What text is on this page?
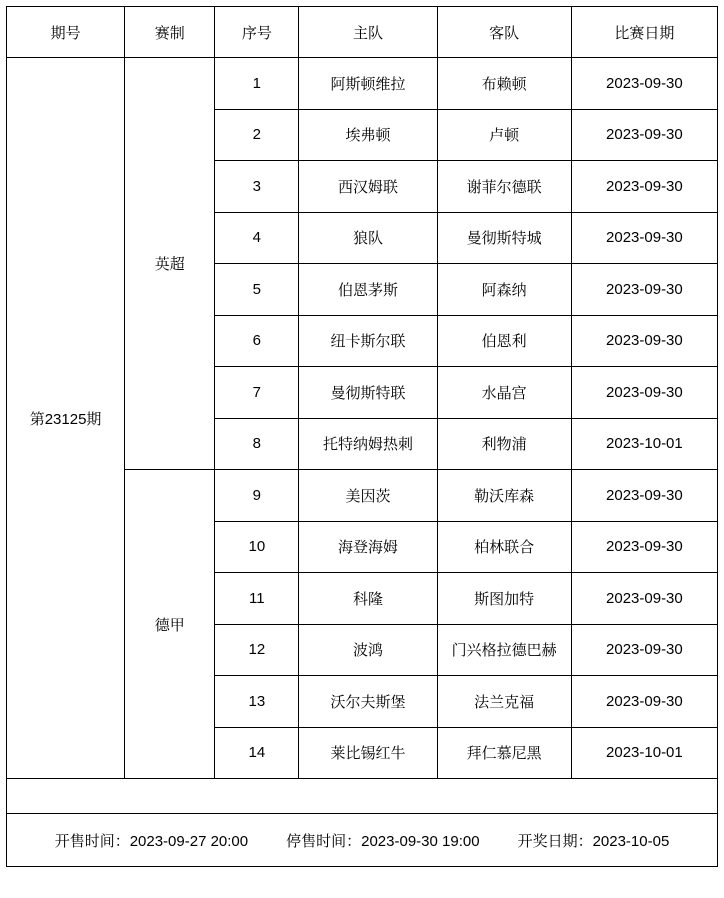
期号	赛制	序号	主队	客队	比赛日期
第23125期	英超	1	阿斯顿维拉	布赖顿	2023-09-30
		2	埃弗顿	卢顿	2023-09-30
		3	西汉姆联	谢菲尔德联	2023-09-30
		4	狼队	曼彻斯特城	2023-09-30
		5	伯恩茅斯	阿森纳	2023-09-30
		6	纽卡斯尔联	伯恩利	2023-09-30
		7	曼彻斯特联	水晶宫	2023-09-30
		8	托特纳姆热刺	利物浦	2023-10-01
	德甲	9	美因茨	勒沃库森	2023-09-30
		10	海登海姆	柏林联合	2023-09-30
		11	科隆	斯图加特	2023-09-30
		12	波鸿	门兴格拉德巴赫	2023-09-30
		13	沃尔夫斯堡	法兰克福	2023-09-30
		14	莱比锡红牛	拜仁慕尼黑	2023-10-01

开售时间：2023-09-27 20:00 停售时间：2023-09-30 19:00 开奖日期：2023-10-05					
